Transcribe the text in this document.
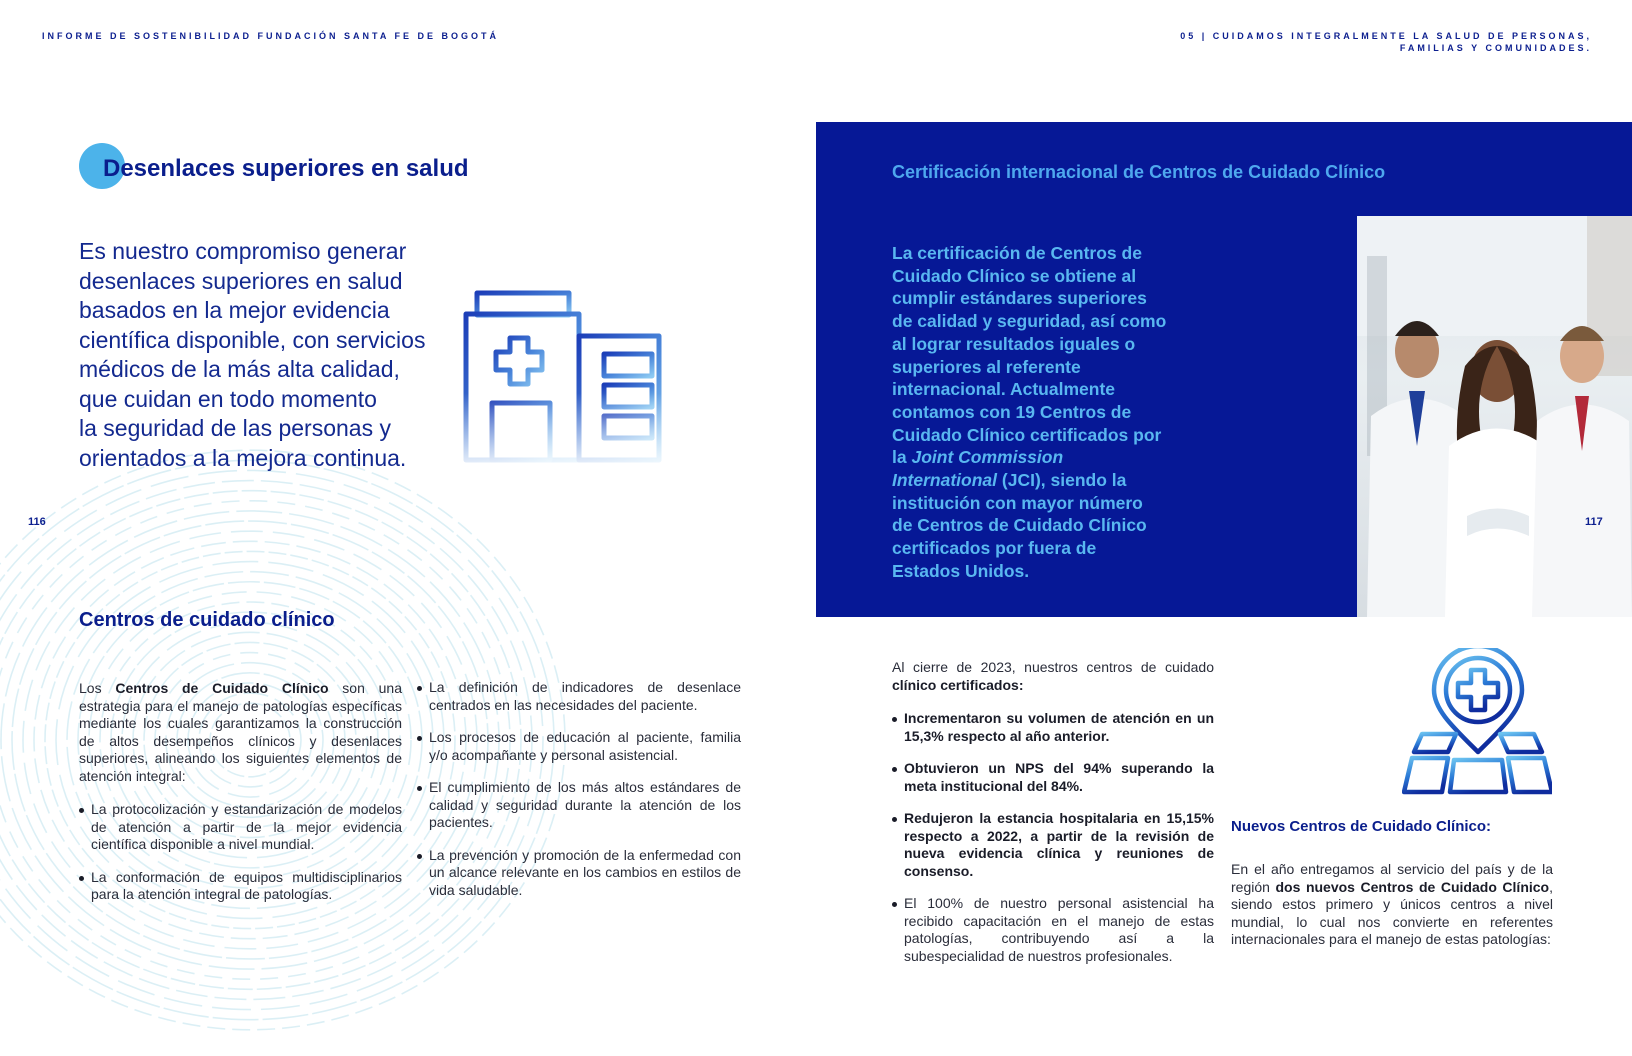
INFORME DE SOSTENIBILIDAD FUNDACIÓN SANTA FE DE BOGOTÁ	05 | CUIDAMOS INTEGRALMENTE LA SALUD DE PERSONAS,
FAMILIAS Y COMUNIDADES.
116	117
Desenlaces superiores en salud
Es nuestro compromiso generar
desenlaces superiores en salud
basados en la mejor evidencia
científica disponible, con servicios
médicos de la más alta calidad,
que cuidan en todo momento
la seguridad de las personas y
orientados a la mejora continua.
Centros de cuidado clínico

Los Centros de Cuidado Clínico son una estrategia para el manejo de patologías específicas mediante los cuales garantizamos la construcción de altos desempeños clínicos y desenlaces superiores, alineando los siguientes elementos de atención integral:

La protocolización y estandarización de modelos de atención a partir de la mejor evidencia científica disponible a nivel mundial.
La conformación de equipos multidisciplinarios para la atención integral de patologías.
La definición de indicadores de desenlace centrados en las necesidades del paciente.
Los procesos de educación al paciente, familia y/o acompañante y personal asistencial.
El cumplimiento de los más altos estándares de calidad y seguridad durante la atención de los pacientes.
La prevención y promoción de la enfermedad con un alcance relevante en los cambios en estilos de vida saludable.
Certificación internacional de Centros de Cuidado Clínico
La certificación de Centros de Cuidado Clínico se obtiene al cumplir estándares superiores de calidad y seguridad, así como al lograr resultados iguales o superiores al referente internacional. Actualmente contamos con 19 Centros de Cuidado Clínico certificados por la Joint Commission International (JCI), siendo la institución con mayor número de Centros de Cuidado Clínico certificados por fuera de Estados Unidos.

Al cierre de 2023, nuestros centros de cuidado clínico certificados:

Incrementaron su volumen de atención en un 15,3% respecto al año anterior.
Obtuvieron un NPS del 94% superando la meta institucional del 84%.
Redujeron la estancia hospitalaria en 15,15% respecto a 2022, a partir de la revisión de nueva evidencia clínica y reuniones de consenso.
El 100% de nuestro personal asistencial ha recibido capacitación en el manejo de estas patologías, contribuyendo así a la subespecialidad de nuestros profesionales.
Nuevos Centros de Cuidado Clínico:
En el año entregamos al servicio del país y de la región dos nuevos Centros de Cuidado Clínico, siendo estos primero y únicos centros a nivel mundial, lo cual nos convierte en referentes internacionales para el manejo de estas patologías:
